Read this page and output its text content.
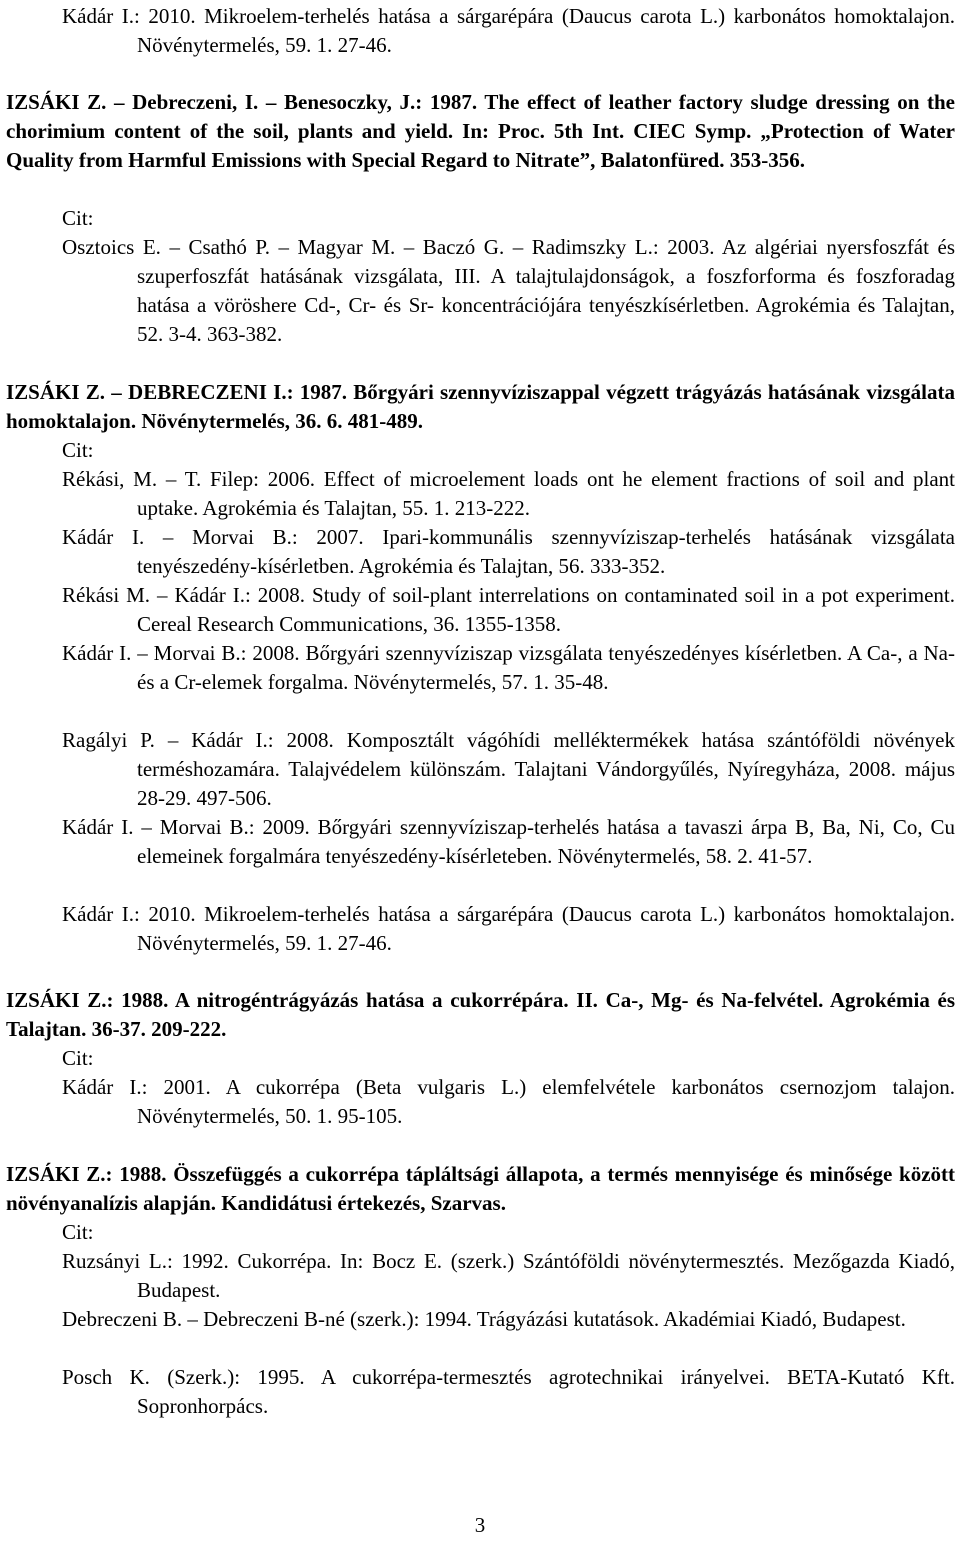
Kádár I.: 2010. Mikroelem-terhelés hatása a sárgarépára (Daucus carota L.) karbonátos homoktalajon. Növénytermelés, 59. 1. 27-46.
IZSÁKI Z. – Debreczeni, I. – Benesoczky, J.: 1987. The effect of leather factory sludge dressing on the chorimium content of the soil, plants and yield. In: Proc. 5th Int. CIEC Symp. „Protection of Water Quality from Harmful Emissions with Special Regard to Nitrate”, Balatonfüred. 353-356.
Cit:
Osztoics E. – Csathó P. – Magyar M. – Baczó G. – Radimszky L.: 2003. Az algériai nyersfoszfát és szuperfoszfát hatásának vizsgálata, III. A talajtulajdonságok, a foszforforma és foszforadag hatása a vöröshere Cd-, Cr- és Sr- koncentrációjára tenyészkísérletben. Agrokémia és Talajtan, 52. 3-4. 363-382.
IZSÁKI Z. – DEBRECZENI I.: 1987. Bőrgyári szennyvíziszappal végzett trágyázás hatásának vizsgálata homoktalajon. Növénytermelés, 36. 6. 481-489.
Cit:
Rékási, M. – T. Filep: 2006. Effect of microelement loads ont he element fractions of soil and plant uptake. Agrokémia és Talajtan, 55. 1. 213-222.
Kádár I. – Morvai B.: 2007. Ipari-kommunális szennyvíziszap-terhelés hatásának vizsgálata tenyészedény-kísérletben. Agrokémia és Talajtan, 56. 333-352.
Rékási M. – Kádár I.: 2008. Study of soil-plant interrelations on contaminated soil in a pot experiment. Cereal Research Communications, 36. 1355-1358.
Kádár I. – Morvai B.: 2008. Bőrgyári szennyvíziszap vizsgálata tenyészedényes kísérletben. A Ca-, a Na- és a Cr-elemek forgalma. Növénytermelés, 57. 1. 35-48.
Ragályi P. – Kádár I.: 2008. Komposztált vágóhídi melléktermékek hatása szántóföldi növények terméshozamára. Talajvédelem különszám. Talajtani Vándorgyűlés, Nyíregyháza, 2008. május 28-29. 497-506.
Kádár I. – Morvai B.: 2009. Bőrgyári szennyvíziszap-terhelés hatása a tavaszi árpa B, Ba, Ni, Co, Cu elemeinek forgalmára tenyészedény-kísérleteben. Növénytermelés, 58. 2. 41-57.
Kádár I.: 2010. Mikroelem-terhelés hatása a sárgarépára (Daucus carota L.) karbonátos homoktalajon. Növénytermelés, 59. 1. 27-46.
IZSÁKI Z.: 1988. A nitrogéntrágyázás hatása a cukorrépára. II. Ca-, Mg- és Na-felvétel. Agrokémia és Talajtan. 36-37. 209-222.
Cit:
Kádár I.: 2001. A cukorrépa (Beta vulgaris L.) elemfelvétele karbonátos csernozjom talajon. Növénytermelés, 50. 1. 95-105.
IZSÁKI Z.: 1988. Összefüggés a cukorrépa tápláltsági állapota, a termés mennyisége és minősége között növényanalízis alapján. Kandidátusi értekezés, Szarvas.
Cit:
Ruzsányi L.: 1992. Cukorrépa. In: Bocz E. (szerk.) Szántóföldi növénytermesztés. Mezőgazda Kiadó, Budapest.
Debreczeni B. – Debreczeni B-né (szerk.): 1994. Trágyázási kutatások. Akadémiai Kiadó, Budapest.
Posch K. (Szerk.): 1995. A cukorrépa-termesztés agrotechnikai irányelvei. BETA-Kutató Kft. Sopronhorpács.
3
